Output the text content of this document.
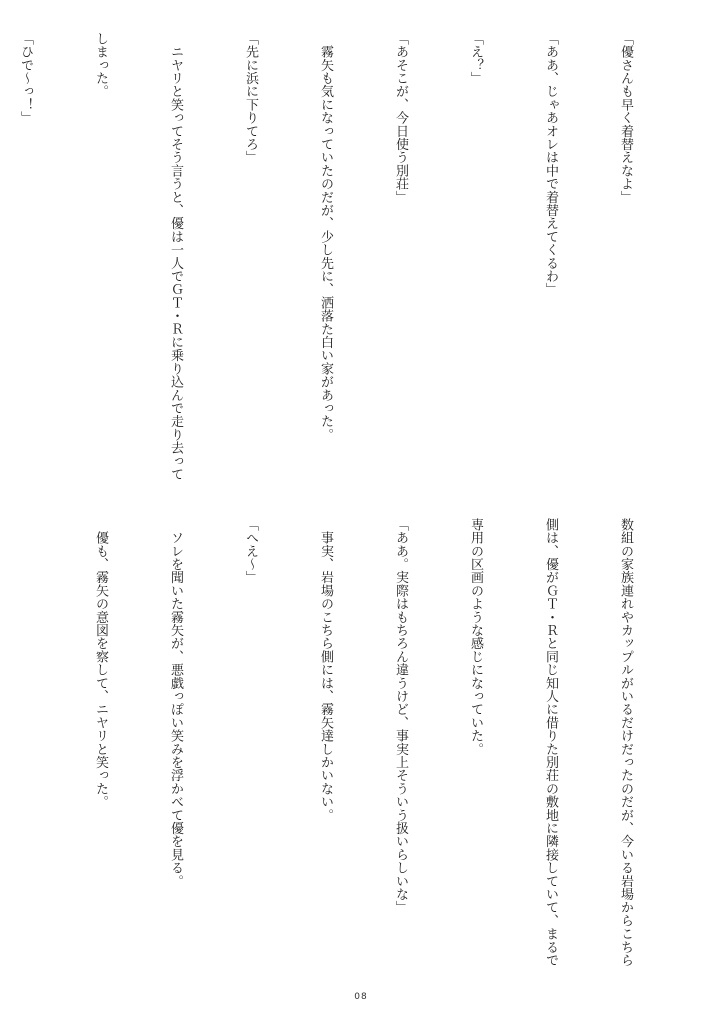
「優さんも早く着替えなよ」

「ああ、じゃあオレは中で着替えてくるわ」

「え？」

「あそこが、今日使う別荘」

　霧矢も気になっていたのだが、少し先に、洒落た白い家があった。

「先に浜に下りてろ」

　ニヤリと笑ってそう言うと、優は一人でＧＴ・Ｒに乗り込んで走り去って

しまった。

「ひで〜っ！」

数組の家族連れやカップルがいるだけだったのだが、今いる岩場からこちら

側は、優がＧＴ・Ｒと同じ知人に借りた別荘の敷地に隣接していて、まるで

専用の区画のような感じになっていた。

「ああ。実際はもちろん違うけど、事実上そういう扱いらしいな」

　事実、岩場のこちら側には、霧矢達しかいない。

「へえ〜」

　ソレを聞いた霧矢が、悪戯っぽい笑みを浮かべて優を見る。

　優も、霧矢の意図を察して、ニヤリと笑った。

08
